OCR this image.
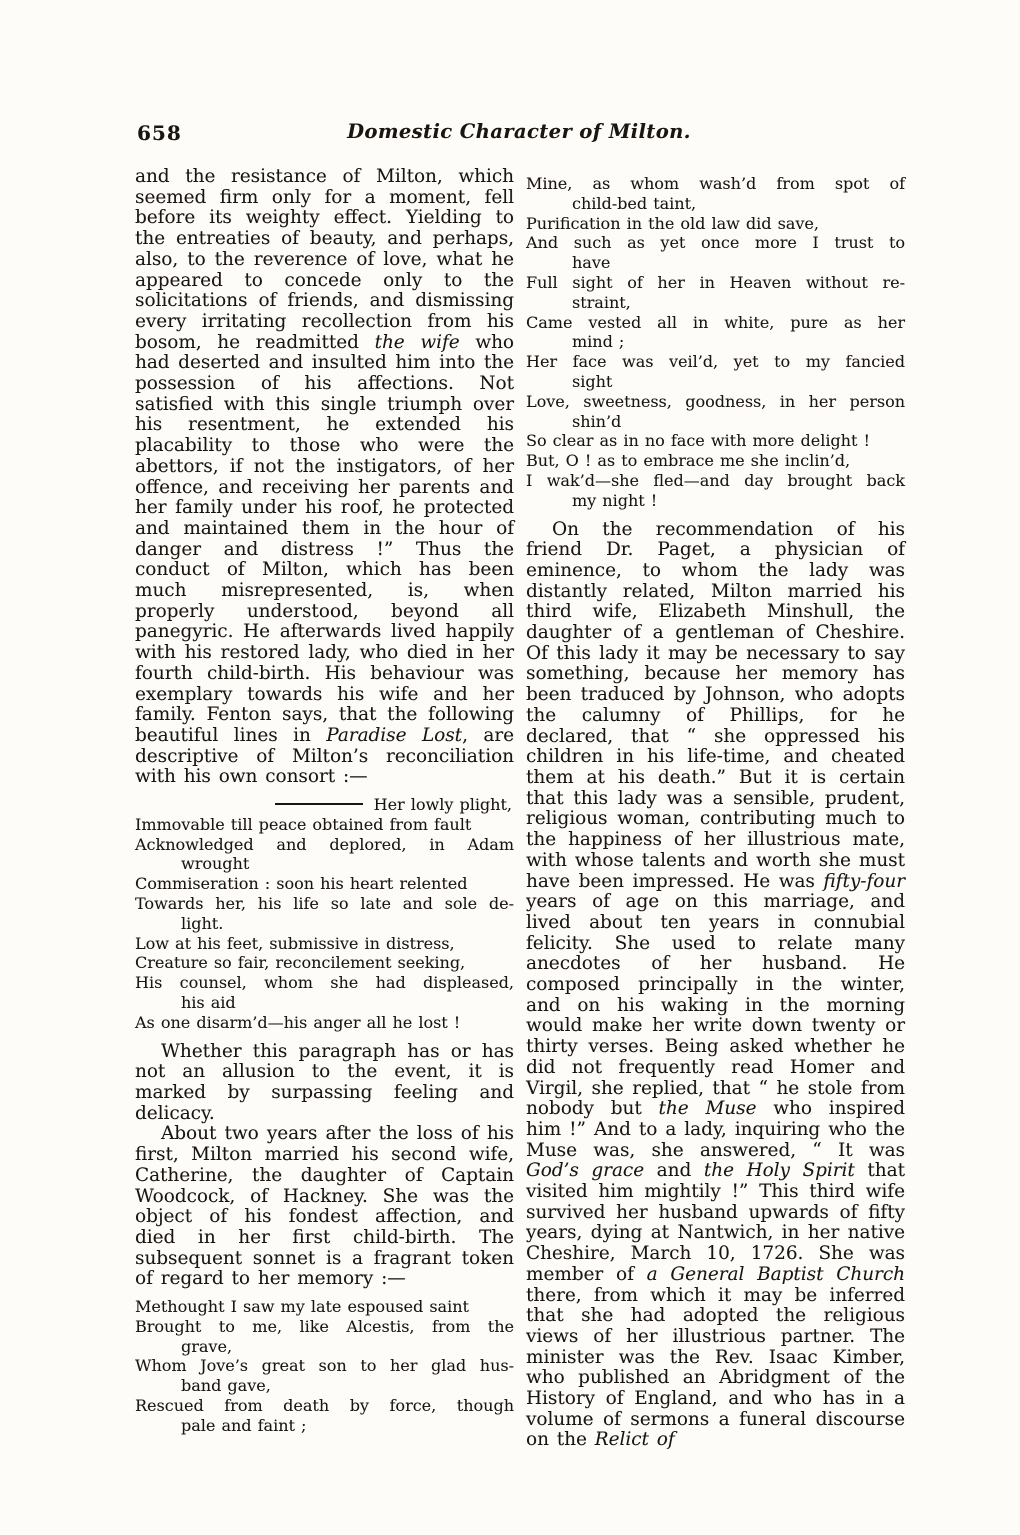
658	Domestic Character of Milton.

and the resistance of Milton, which seemed firm only for a moment, fell before its weighty effect. Yielding to the entreaties of beauty, and perhaps, also, to the reverence of love, what he appeared to concede only to the solicitations of friends, and dismissing every irritating recollection from his bosom, he readmitted the wife who had deserted and insulted him into the possession of his affections. Not satisfied with this single triumph over his resentment, he extended his placability to those who were the abettors, if not the instigators, of her offence, and receiving her parents and her family under his roof, he protected and maintained them in the hour of danger and distress !” Thus the conduct of Milton, which has been much misrepresented, is, when properly understood, beyond all panegyric. He afterwards lived happily with his restored lady, who died in her fourth child-birth. His behaviour was exemplary towards his wife and her family. Fenton says, that the following beautiful lines in Paradise Lost, are descriptive of Milton’s reconciliation with his own consort :—

Her lowly plight,
Immovable till peace obtained from fault
Acknowledged and deplored, in Adam
wrought
Commiseration : soon his heart relented
Towards her, his life so late and sole de-
light.
Low at his feet, submissive in distress,
Creature so fair, reconcilement seeking,
His counsel, whom she had displeased,
his aid
As one disarm’d—his anger all he lost !

Whether this paragraph has or has not an allusion to the event, it is marked by surpassing feeling and delicacy.

About two years after the loss of his first, Milton married his second wife, Catherine, the daughter of Captain Woodcock, of Hackney. She was the object of his fondest affection, and died in her first child-birth. The subsequent sonnet is a fragrant token of regard to her memory :—

Methought I saw my late espoused saint
Brought to me, like Alcestis, from the
grave,
Whom Jove’s great son to her glad hus-
band gave,
Rescued from death by force, though
pale and faint ;
Mine, as whom wash’d from spot of
child-bed taint,
Purification in the old law did save,
And such as yet once more I trust to
have
Full sight of her in Heaven without re-
straint,
Came vested all in white, pure as her
mind ;
Her face was veil’d, yet to my fancied
sight
Love, sweetness, goodness, in her person
shin’d
So clear as in no face with more delight !
But, O ! as to embrace me she inclin’d,
I wak’d—she fled—and day brought back
my night !

On the recommendation of his friend Dr. Paget, a physician of eminence, to whom the lady was distantly related, Milton married his third wife, Elizabeth Minshull, the daughter of a gentleman of Cheshire. Of this lady it may be necessary to say something, because her memory has been traduced by Johnson, who adopts the calumny of Phillips, for he declared, that “ she oppressed his children in his life-time, and cheated them at his death.” But it is certain that this lady was a sensible, prudent, religious woman, contributing much to the happiness of her illustrious mate, with whose talents and worth she must have been impressed. He was fifty-four years of age on this marriage, and lived about ten years in connubial felicity. She used to relate many anecdotes of her husband. He composed principally in the winter, and on his waking in the morning would make her write down twenty or thirty verses. Being asked whether he did not frequently read Homer and Virgil, she replied, that “ he stole from nobody but the Muse who inspired him !” And to a lady, inquiring who the Muse was, she answered, “ It was God’s grace and the Holy Spirit that visited him mightily !” This third wife survived her husband upwards of fifty years, dying at Nantwich, in her native Cheshire, March 10, 1726. She was member of a General Baptist Church there, from which it may be inferred that she had adopted the religious views of her illustrious partner. The minister was the Rev. Isaac Kimber, who published an Abridgment of the History of England, and who has in a volume of sermons a funeral discourse on the Relict of
